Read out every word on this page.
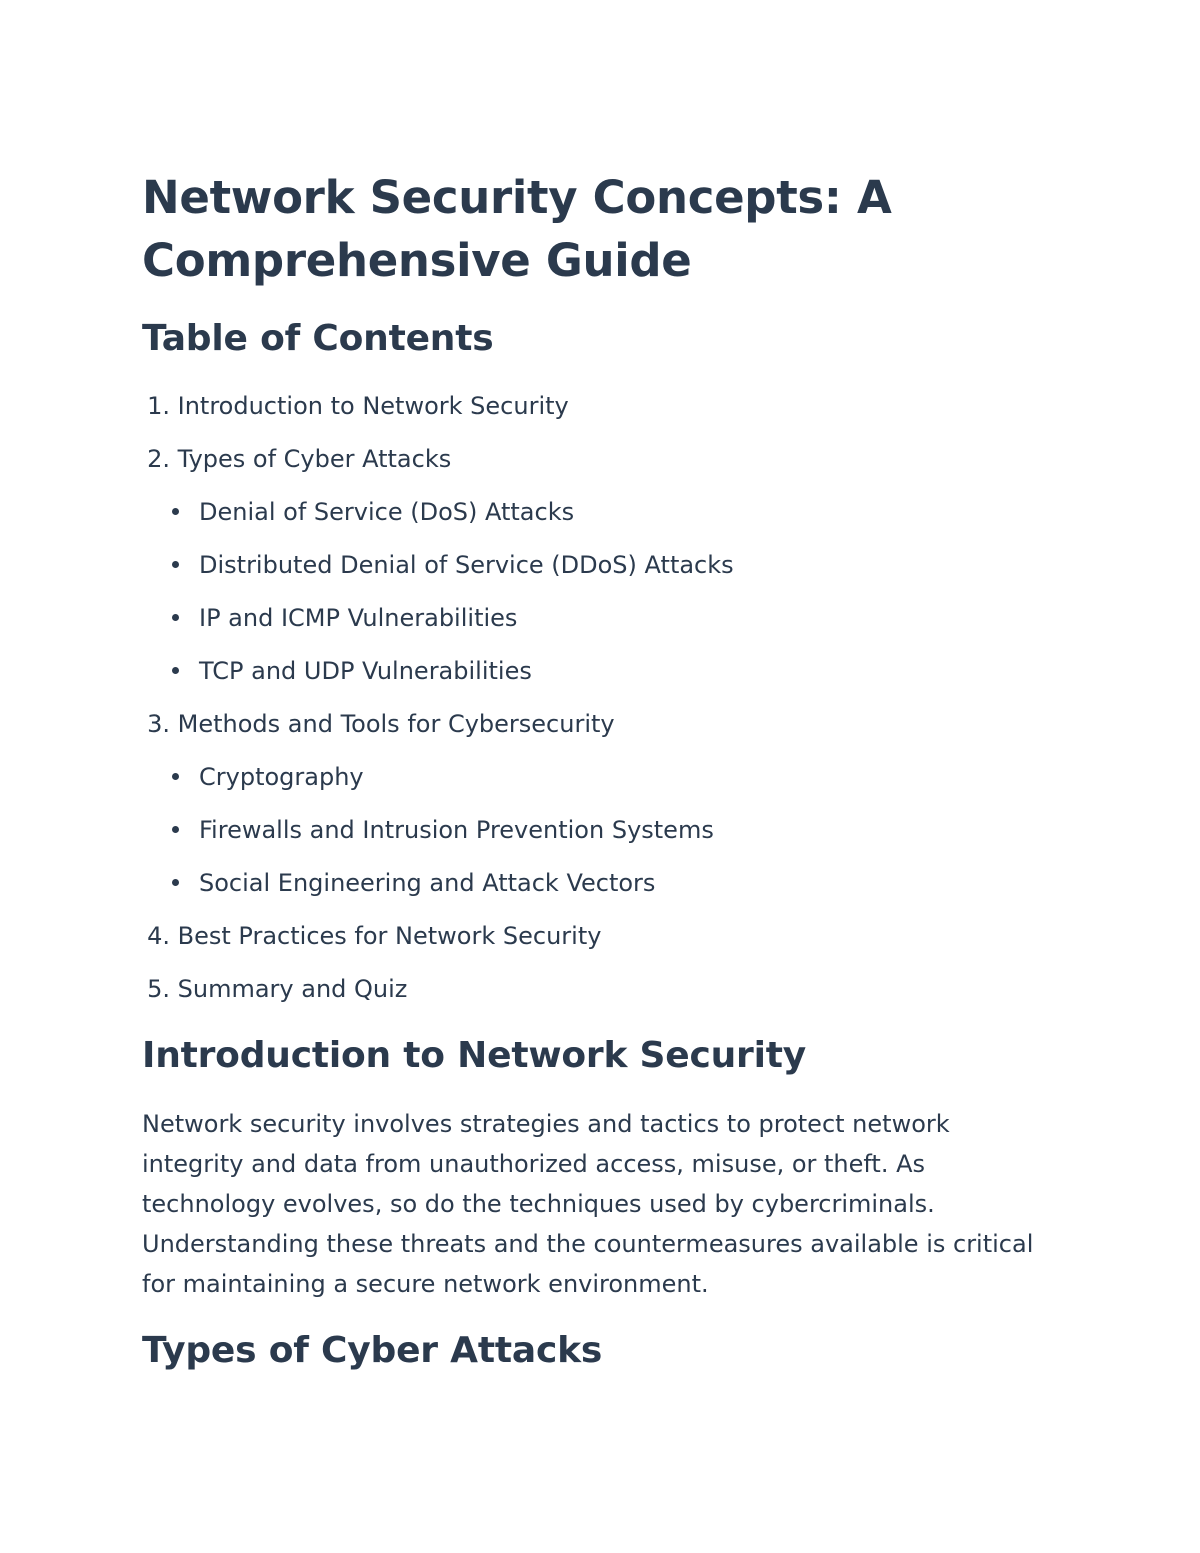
Network Security Concepts: A Comprehensive Guide
Table of Contents
1. Introduction to Network Security
2. Types of Cyber Attacks
Denial of Service (DoS) Attacks
Distributed Denial of Service (DDoS) Attacks
IP and ICMP Vulnerabilities
TCP and UDP Vulnerabilities
3. Methods and Tools for Cybersecurity
Cryptography
Firewalls and Intrusion Prevention Systems
Social Engineering and Attack Vectors
4. Best Practices for Network Security
5. Summary and Quiz
Introduction to Network Security

Network security involves strategies and tactics to protect network integrity and data from unauthorized access, misuse, or theft. As technology evolves, so do the techniques used by cybercriminals. Understanding these threats and the countermeasures available is critical for maintaining a secure network environment.

Types of Cyber Attacks
